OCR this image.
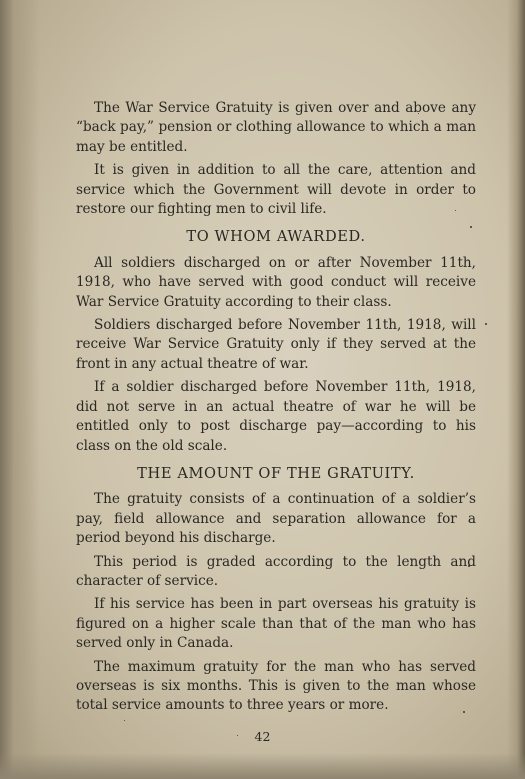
The War Service Gratuity is given over and above any “back pay,” pension or clothing allowance to which a man may be entitled.

It is given in addition to all the care, attention and service which the Government will devote in order to restore our fighting men to civil life.

TO WHOM AWARDED.

All soldiers discharged on or after November 11th, 1918, who have served with good conduct will receive War Service Gratuity according to their class.

Soldiers discharged before November 11th, 1918, will receive War Service Gratuity only if they served at the front in any actual theatre of war.

If a soldier discharged before November 11th, 1918, did not serve in an actual theatre of war he will be entitled only to post discharge pay—according to his class on the old scale.

THE AMOUNT OF THE GRATUITY.

The gratuity consists of a continuation of a soldier’s pay, field allowance and separation allowance for a period beyond his discharge.

This period is graded according to the length and character of service.

If his service has been in part overseas his gratuity is figured on a higher scale than that of the man who has served only in Canada.

The maximum gratuity for the man who has served overseas is six months. This is given to the man whose total service amounts to three years or more.

42
